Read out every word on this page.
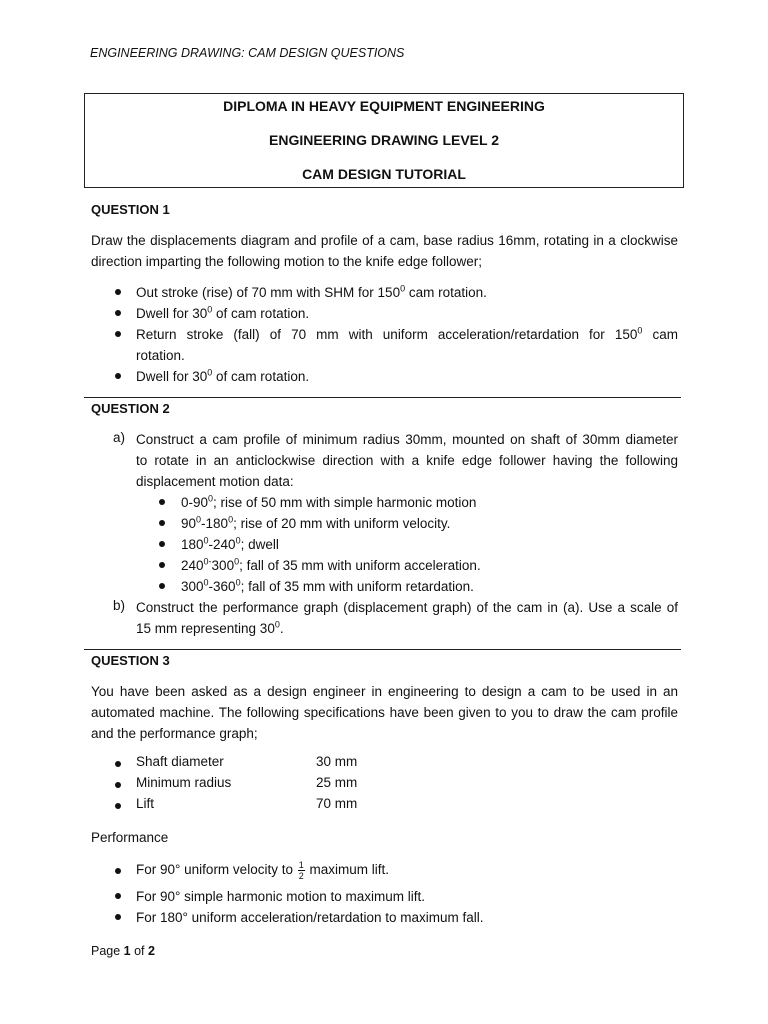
ENGINEERING DRAWING: CAM DESIGN QUESTIONS
DIPLOMA IN HEAVY EQUIPMENT ENGINEERING
ENGINEERING DRAWING LEVEL 2
CAM DESIGN TUTORIAL
QUESTION 1
Draw the displacements diagram and profile of a cam, base radius 16mm, rotating in a clockwise
direction imparting the following motion to the knife edge follower;
Out stroke (rise) of 70 mm with SHM for $150^0$ cam rotation.
Dwell for $30^0$ of cam rotation.
Return stroke (fall) of 70 mm with uniform acceleration/retardation for $150^0$ cam
rotation.
Dwell for $30^0$ of cam rotation.
QUESTION 2
a) Construct a cam profile of minimum radius 30mm, mounted on shaft of 30mm diameter
to rotate in an anticlockwise direction with a knife edge follower having the following
displacement motion data:
$0-90^0$; rise of 50 mm with simple harmonic motion
$90^0-180^0$; rise of 20 mm with uniform velocity.
$180^0-240^0$; dwell
$240^{0-}300^0$; fall of 35 mm with uniform acceleration.
$300^0-360^0$; fall of 35 mm with uniform retardation.
b) Construct the performance graph (displacement graph) of the cam in (a). Use a scale of
15 mm representing $30^0$.
QUESTION 3
You have been asked as a design engineer in engineering to design a cam to be used in an
automated machine. The following specifications have been given to you to draw the cam profile
and the performance graph;
Shaft diameter	30 mm
Minimum radius	25 mm
Lift	70 mm
Performance
For 90° uniform velocity to $\frac{1}{2}$ maximum lift.
For 90° simple harmonic motion to maximum lift.
For 180° uniform acceleration/retardation to maximum fall.
Page 1 of 2
